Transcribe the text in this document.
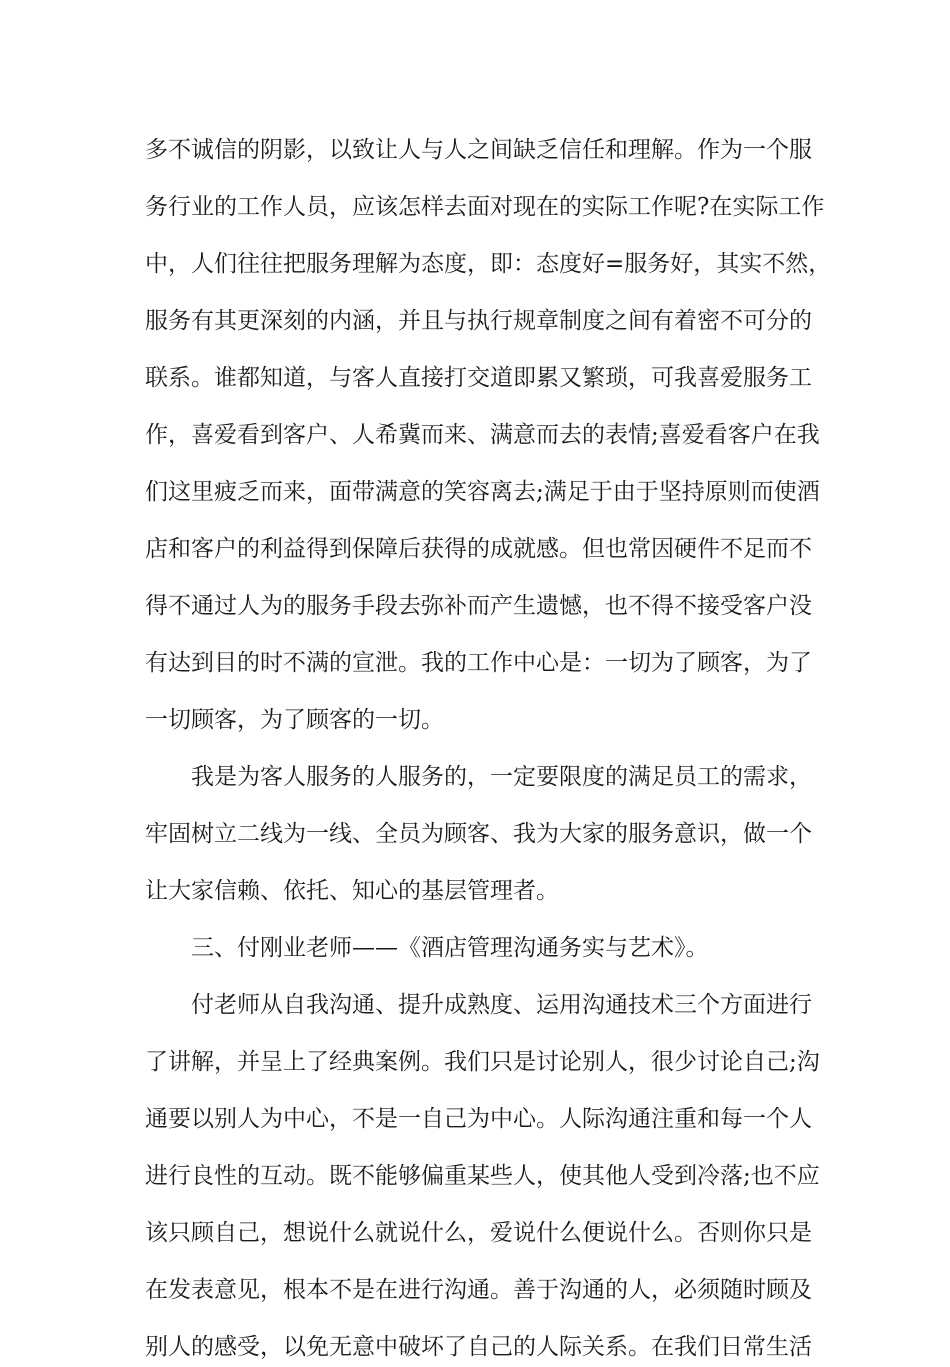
多不诚信的阴影，以致让人与人之间缺乏信任和理解。作为一个服
务行业的工作人员，应该怎样去面对现在的实际工作呢?在实际工作
中，人们往往把服务理解为态度，即：态度好=服务好，其实不然，
服务有其更深刻的内涵，并且与执行规章制度之间有着密不可分的
联系。谁都知道，与客人直接打交道即累又繁琐，可我喜爱服务工
作，喜爱看到客户、人希冀而来、满意而去的表情;喜爱看客户在我
们这里疲乏而来，面带满意的笑容离去;满足于由于坚持原则而使酒
店和客户的利益得到保障后获得的成就感。但也常因硬件不足而不
得不通过人为的服务手段去弥补而产生遗憾，也不得不接受客户没
有达到目的时不满的宣泄。我的工作中心是：一切为了顾客，为了
一切顾客，为了顾客的一切。
我是为客人服务的人服务的，一定要限度的满足员工的需求，
牢固树立二线为一线、全员为顾客、我为大家的服务意识，做一个
让大家信赖、依托、知心的基层管理者。
三、付刚业老师——《酒店管理沟通务实与艺术》。
付老师从自我沟通、提升成熟度、运用沟通技术三个方面进行
了讲解，并呈上了经典案例。我们只是讨论别人，很少讨论自己;沟
通要以别人为中心，不是一自己为中心。人际沟通注重和每一个人
进行良性的互动。既不能够偏重某些人，使其他人受到冷落;也不应
该只顾自己，想说什么就说什么，爱说什么便说什么。否则你只是
在发表意见，根本不是在进行沟通。善于沟通的人，必须随时顾及
别人的感受，以免无意中破坏了自己的人际关系。在我们日常生活
